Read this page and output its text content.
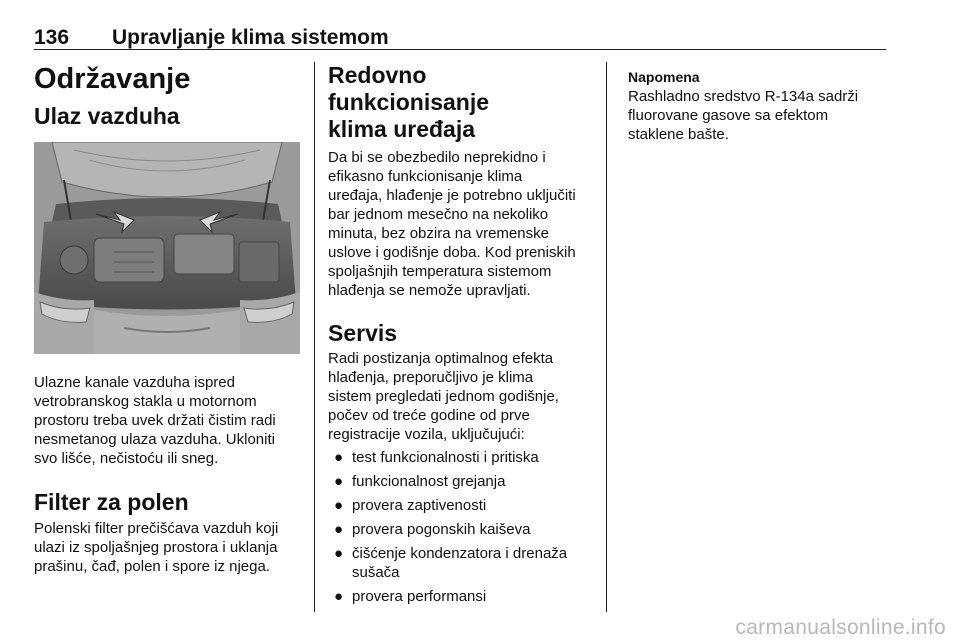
136 Upravljanje klima sistemom
Održavanje
Ulaz vazduha
Ulazne kanale vazduha ispred
vetrobranskog stakla u motornom
prostoru treba uvek držati čistim radi
nesmetanog ulaza vazduha. Ukloniti
svo lišće, nečistoću ili sneg.
Filter za polen
Polenski filter prečišćava vazduh koji
ulazi iz spoljašnjeg prostora i uklanja
prašinu, čađ, polen i spore iz njega.
Redovno funkcionisanje
klima uređaja
Da bi se obezbedilo neprekidno i
efikasno funkcionisanje klima
uređaja, hlađenje je potrebno uključiti
bar jednom mesečno na nekoliko
minuta, bez obzira na vremenske
uslove i godišnje doba. Kod preniskih
spoljašnjih temperatura sistemom
hlađenja se nemože upravljati.
Servis
Radi postizanja optimalnog efekta
hlađenja, preporučljivo je klima
sistem pregledati jednom godišnje,
počev od treće godine od prve
registracije vozila, uključujući:
● test funkcionalnosti i pritiska
● funkcionalnost grejanja
● provera zaptivenosti
● provera pogonskih kaiševa
● čišćenje kondenzatora i drenaža
sušača
● provera performansi
Napomena
Rashladno sredstvo R-134a sadrži
fluorovane gasove sa efektom
staklene bašte.
carmanualsonline.info
